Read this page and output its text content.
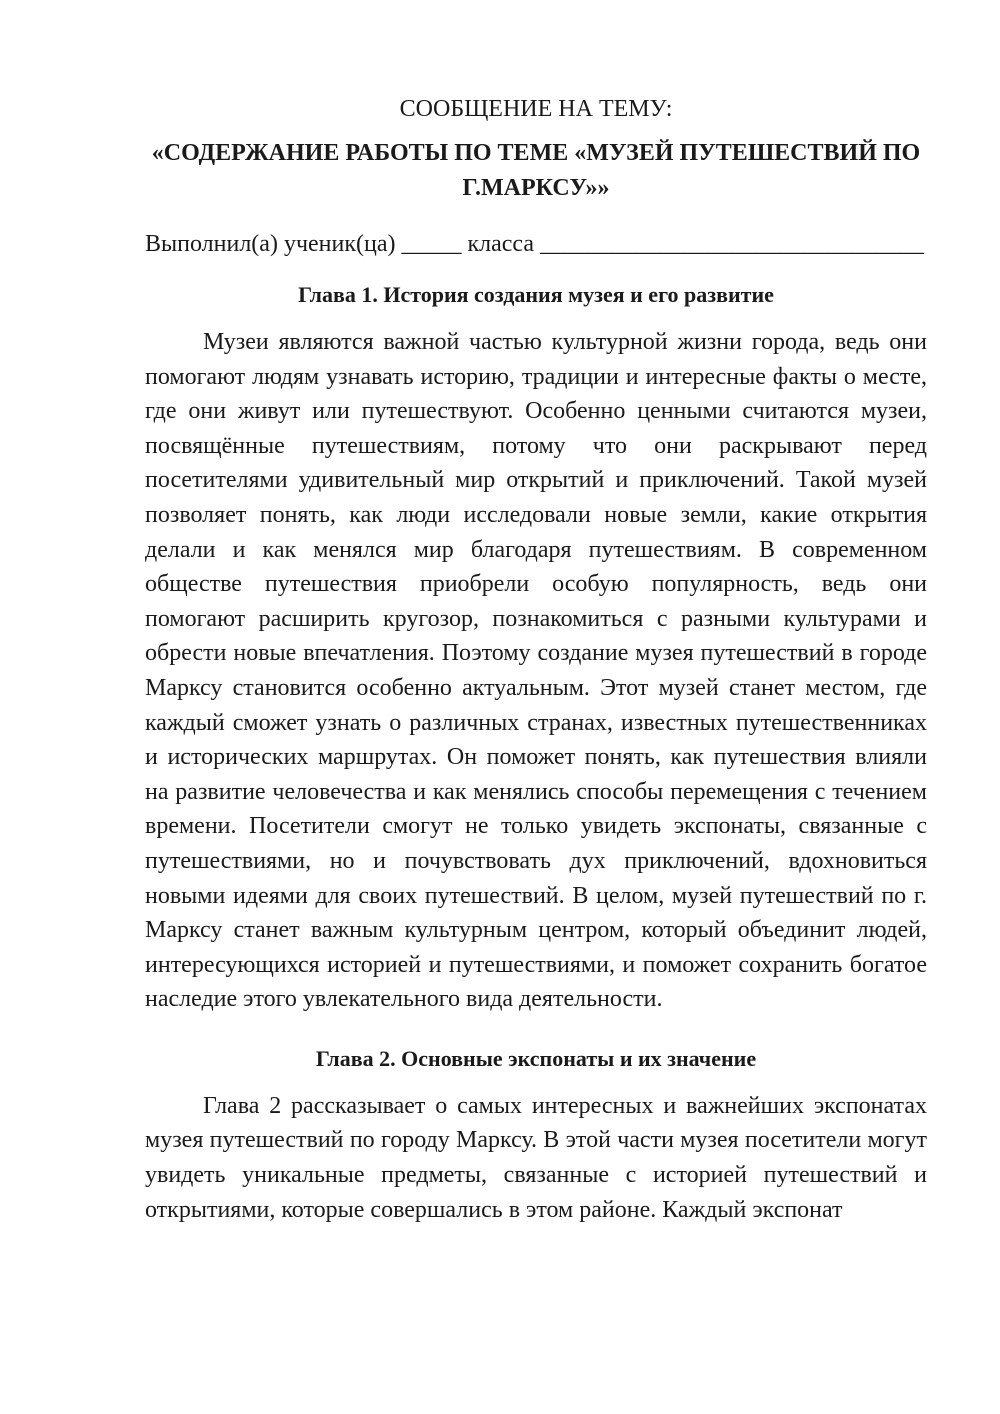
СООБЩЕНИЕ НА ТЕМУ:
«СОДЕРЖАНИЕ РАБОТЫ ПО ТЕМЕ «МУЗЕЙ ПУТЕШЕСТВИЙ ПО Г.МАРКСУ»»
Выполнил(а) ученик(ца) _____ класса ________________________________
Глава 1. История создания музея и его развитие

Музеи являются важной частью культурной жизни города, ведь они помогают людям узнавать историю, традиции и интересные факты о месте, где они живут или путешествуют. Особенно ценными считаются музеи, посвящённые путешествиям, потому что они раскрывают перед посетителями удивительный мир открытий и приключений. Такой музей позволяет понять, как люди исследовали новые земли, какие открытия делали и как менялся мир благодаря путешествиям. В современном обществе путешествия приобрели особую популярность, ведь они помогают расширить кругозор, познакомиться с разными культурами и обрести новые впечатления. Поэтому создание музея путешествий в городе Марксу становится особенно актуальным. Этот музей станет местом, где каждый сможет узнать о различных странах, известных путешественниках и исторических маршрутах. Он поможет понять, как путешествия влияли на развитие человечества и как менялись способы перемещения с течением времени. Посетители смогут не только увидеть экспонаты, связанные с путешествиями, но и почувствовать дух приключений, вдохновиться новыми идеями для своих путешествий. В целом, музей путешествий по г. Марксу станет важным культурным центром, который объединит людей, интересующихся историей и путешествиями, и поможет сохранить богатое наследие этого увлекательного вида деятельности.

Глава 2. Основные экспонаты и их значение

Глава 2 рассказывает о самых интересных и важнейших экспонатах музея путешествий по городу Марксу. В этой части музея посетители могут увидеть уникальные предметы, связанные с историей путешествий и открытиями, которые совершались в этом районе. Каждый экспонат
